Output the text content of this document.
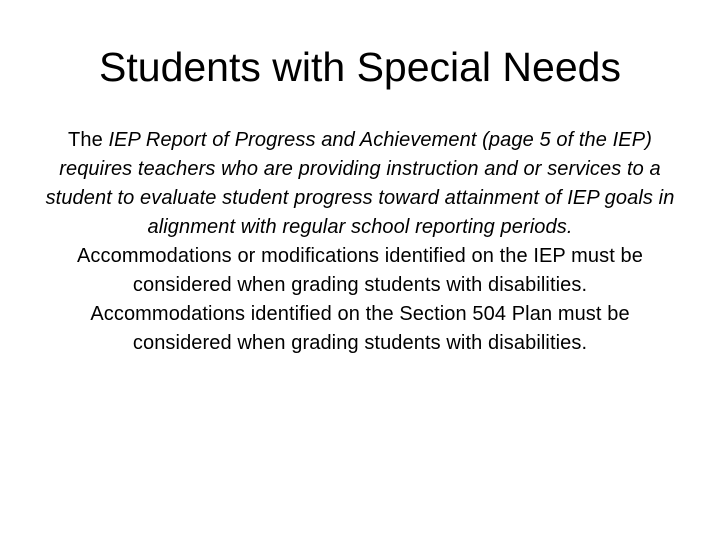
Students with Special Needs

The IEP Report of Progress and Achievement (page 5 of the IEP) requires teachers who are providing instruction and or services to a student to evaluate student progress toward attainment of IEP goals in alignment with regular school reporting periods.

Accommodations or modifications identified on the IEP must be considered when grading students with disabilities.

Accommodations identified on the Section 504 Plan must be considered when grading students with disabilities.
